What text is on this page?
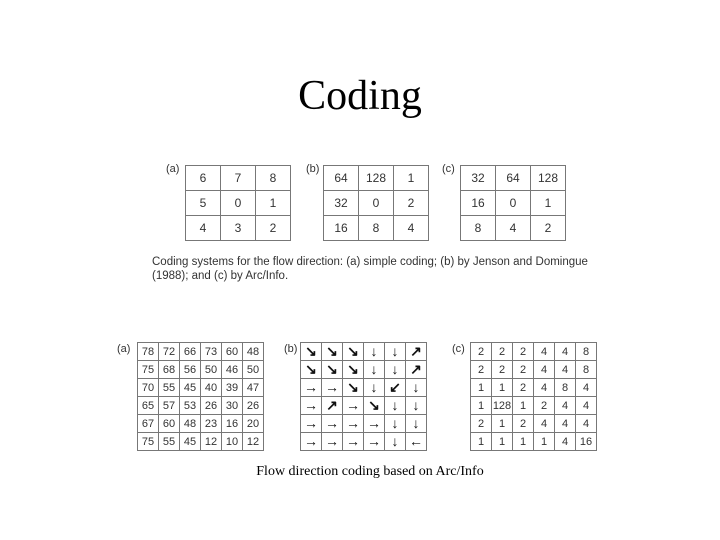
Coding
(a)
6	7	8
5	0	1
4	3	2
(b)
64	128	1
32	0	2
16	8	4
(c)
32	64	128
16	0	1
8	4	2
Coding systems for the flow direction: (a) simple coding; (b) by Jenson and Domingue (1988); and (c) by Arc/Info.
(a) 78	72	66	73	60	48
75	68	56	50	46	50
70	55	45	40	39	47
65	57	53	26	30	26
67	60	48	23	16	20
75	55	45	12	10	12
(b) ↘	↘	↘	↓	↓	↗
↘	↘	↘	↓	↓	↗
→	→	↘	↓	↙	↓
→	↗	→	↘	↓	↓
→	→	→	→	↓	↓
→	→	→	→	↓	←
(c) 2	2	2	4	4	8
2	2	2	4	4	8
1	1	2	4	8	4
1	128	1	2	4	4
2	1	2	4	4	4
1	1	1	1	4	16
Flow direction coding based on Arc/Info
